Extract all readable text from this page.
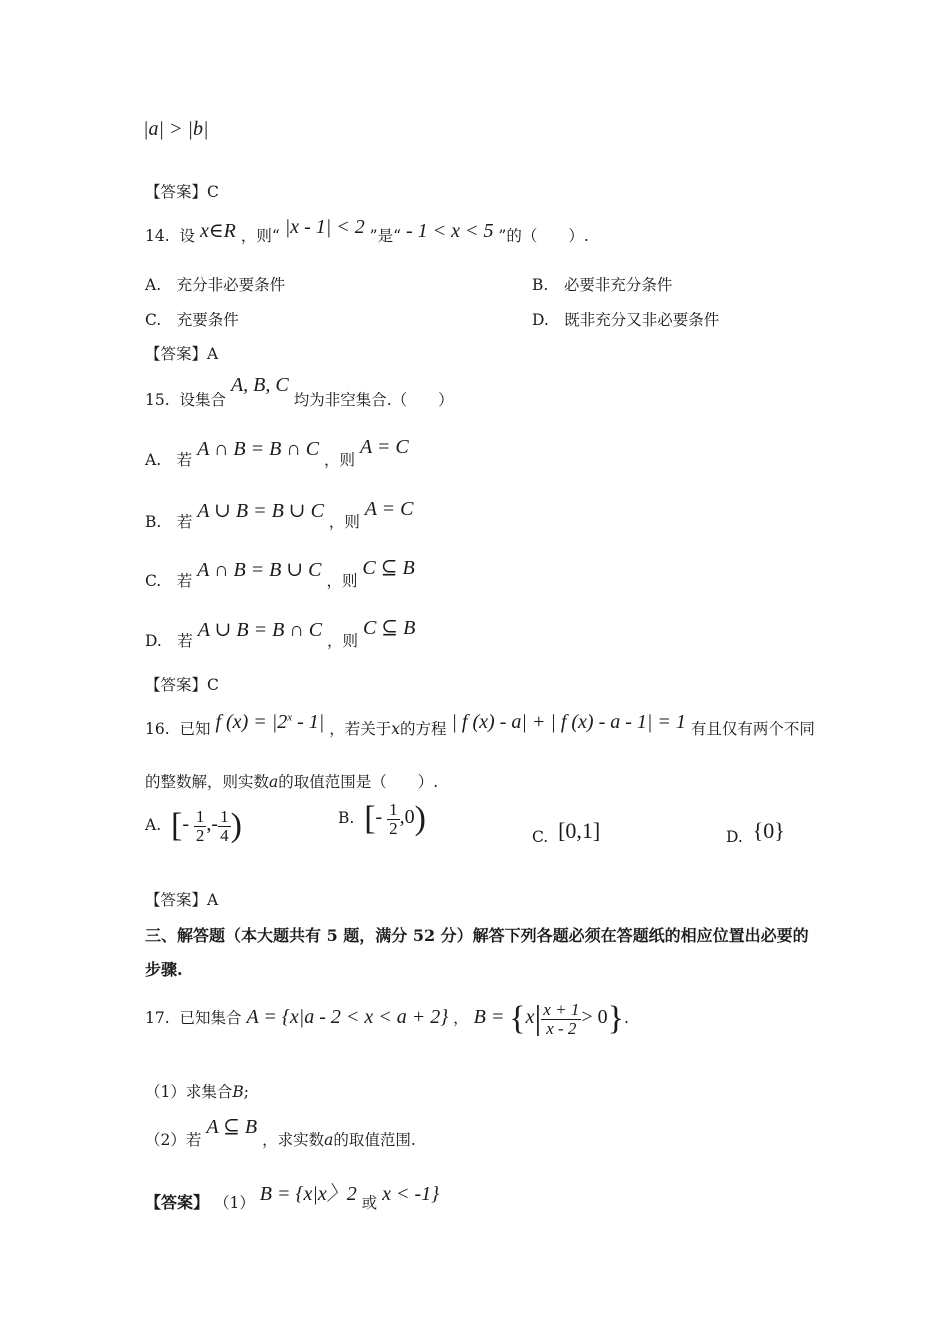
|a| > |b|
【答案】C
14. 设 x∈R ，则“ |x - 1| < 2 ”是“ - 1 < x < 5 ”的（　　）.
A.　充分非必要条件	B.　必要非充分条件
C.　充要条件	D.　既非充分又非必要条件
【答案】A
15. 设集合 A, B, C 均为非空集合.（　　）
A.　若 A ∩ B = B ∩ C ，则 A = C
B.　若 A ∪ B = B ∪ C ，则 A = C
C.　若 A ∩ B = B ∪ C ，则 C ⊆ B
D.　若 A ∪ B = B ∩ C ，则 C ⊆ B
【答案】C
16. 已知 f $(x) = |2^x - 1|$ ，若关于x的方程 | f (x) - a| + | f (x) - a - 1| = 1 有且仅有两个不同
的整数解，则实数a的取值范围是（　　）.
A. [- $\frac{1}{2}$ ,- $\frac{1}{4}$ )	B. [- $\frac{1}{2} ,0$)	C. [0,1]	D. {0}
【答案】A
三、解答题（本大题共有 5 题，满分 52 分）解答下列各题必须在答题纸的相应位置出必要的
步骤.
17. 已知集合 A = {x|a - 2 < x < a + 2} ， $B = \{x| \frac{x + 1}{x - 2} > 0\}$.
（1）求集合B;
（2）若 A ⊆ B ，求实数a的取值范围.
【答案】 （1） B = {x|x〉2 或 x < -1}
